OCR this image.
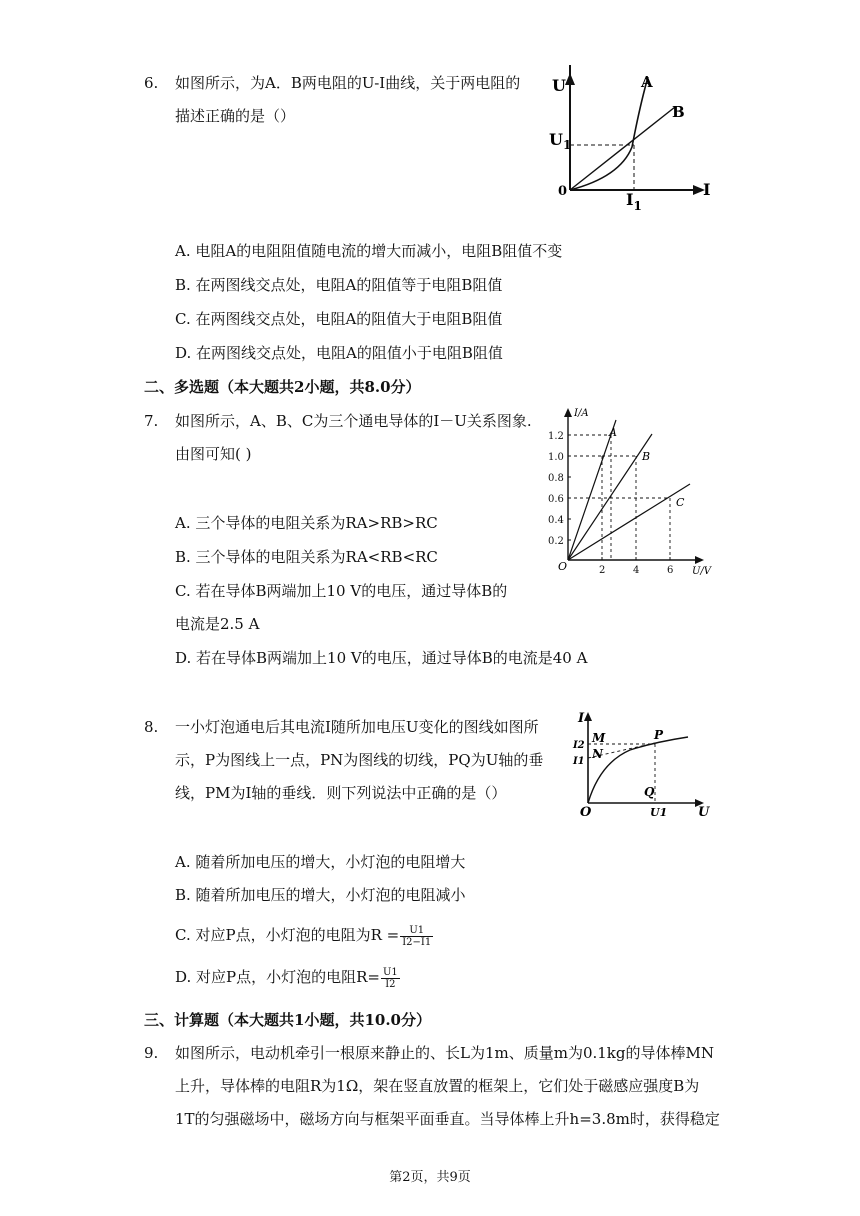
6. 如图所示，为A．B两电阻的U-I曲线，关于两电阻的
描述正确的是（）
U
I
0
A
B
$U_1$
$I_1$
A. 电阻A的电阻阻值随电流的增大而减小，电阻B阻值不变
B. 在两图线交点处，电阻A的阻值等于电阻B阻值
C. 在两图线交点处，电阻A的阻值大于电阻B阻值
D. 在两图线交点处，电阻A的阻值小于电阻B阻值
二、多选题（本大题共2小题，共8.0分）
7. 如图所示，A、B、C为三个通电导体的I－U关系图象.
由图可知( )
0.2
0.4
0.6
0.8
1.0
1.2
2	4	6
I/A
U/V
O
A
B
C
A. 三个导体的电阻关系为RA>RB>RC
B. 三个导体的电阻关系为RA<RB<RC
C. 若在导体B两端加上10 V的电压，通过导体B的
电流是2.5 A
D. 若在导体B两端加上10 V的电压，通过导体B的电流是40 A
8. 一小灯泡通电后其电流I随所加电压U变化的图线如图所
示，P为图线上一点，PN为图线的切线，PQ为U轴的垂
线，PM为I轴的垂线．则下列说法中正确的是（）
I
U
O
I2
I1
M
N
P
Q
U1
A. 随着所加电压的增大，小灯泡的电阻增大
B. 随着所加电压的增大，小灯泡的电阻减小
C. 对应P点，小灯泡的电阻为$R = \frac{U1}{I2-I1}$
D. 对应P点，小灯泡的电阻$R= \frac{U1}{I2}$
三、计算题（本大题共1小题，共10.0分）
9. 如图所示，电动机牵引一根原来静止的、长L为1m、质量m为0.1kg的导体棒MN
上升，导体棒的电阻R为1Ω，架在竖直放置的框架上，它们处于磁感应强度B为
1T的匀强磁场中，磁场方向与框架平面垂直。当导体棒上升h=3.8m时，获得稳定
第2页，共9页
